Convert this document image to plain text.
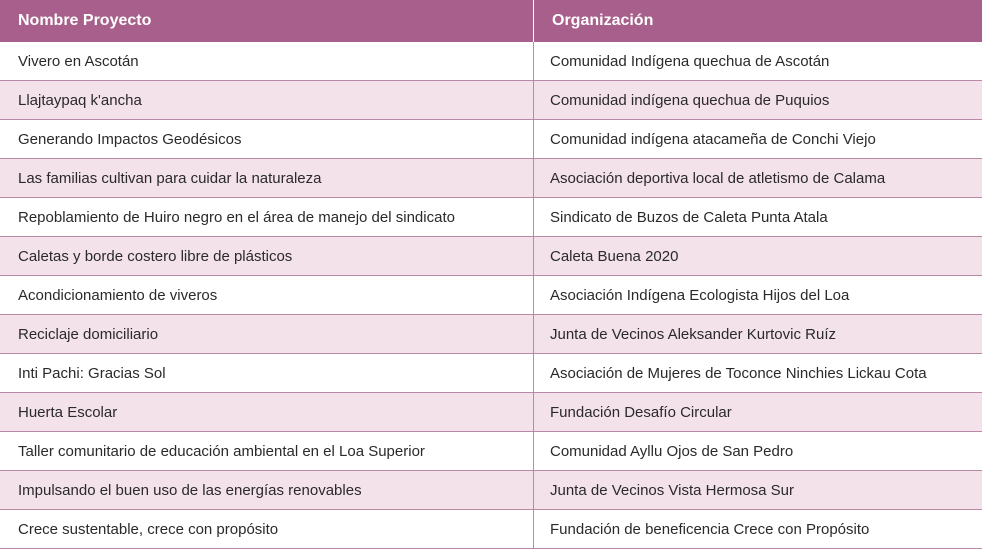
Nombre Proyecto	Organización
Vivero en Ascotán	Comunidad Indígena quechua de Ascotán
Llajtaypaq k'ancha	Comunidad indígena quechua de Puquios
Generando Impactos Geodésicos	Comunidad indígena atacameña de Conchi Viejo
Las familias cultivan para cuidar la naturaleza	Asociación deportiva local de atletismo de Calama
Repoblamiento de Huiro negro en el área de manejo del sindicato	Sindicato de Buzos de Caleta Punta Atala
Caletas y borde costero libre de plásticos	Caleta Buena 2020
Acondicionamiento de viveros	Asociación Indígena Ecologista Hijos del Loa
Reciclaje domiciliario	Junta de Vecinos Aleksander Kurtovic Ruíz
Inti Pachi: Gracias Sol	Asociación de Mujeres de Toconce Ninchies Lickau Cota
Huerta Escolar	Fundación Desafío Circular
Taller comunitario de educación ambiental en el Loa Superior	Comunidad Ayllu Ojos de San Pedro
Impulsando el buen uso de las energías renovables	Junta de Vecinos Vista Hermosa Sur
Crece sustentable, crece con propósito	Fundación de beneficencia Crece con Propósito
